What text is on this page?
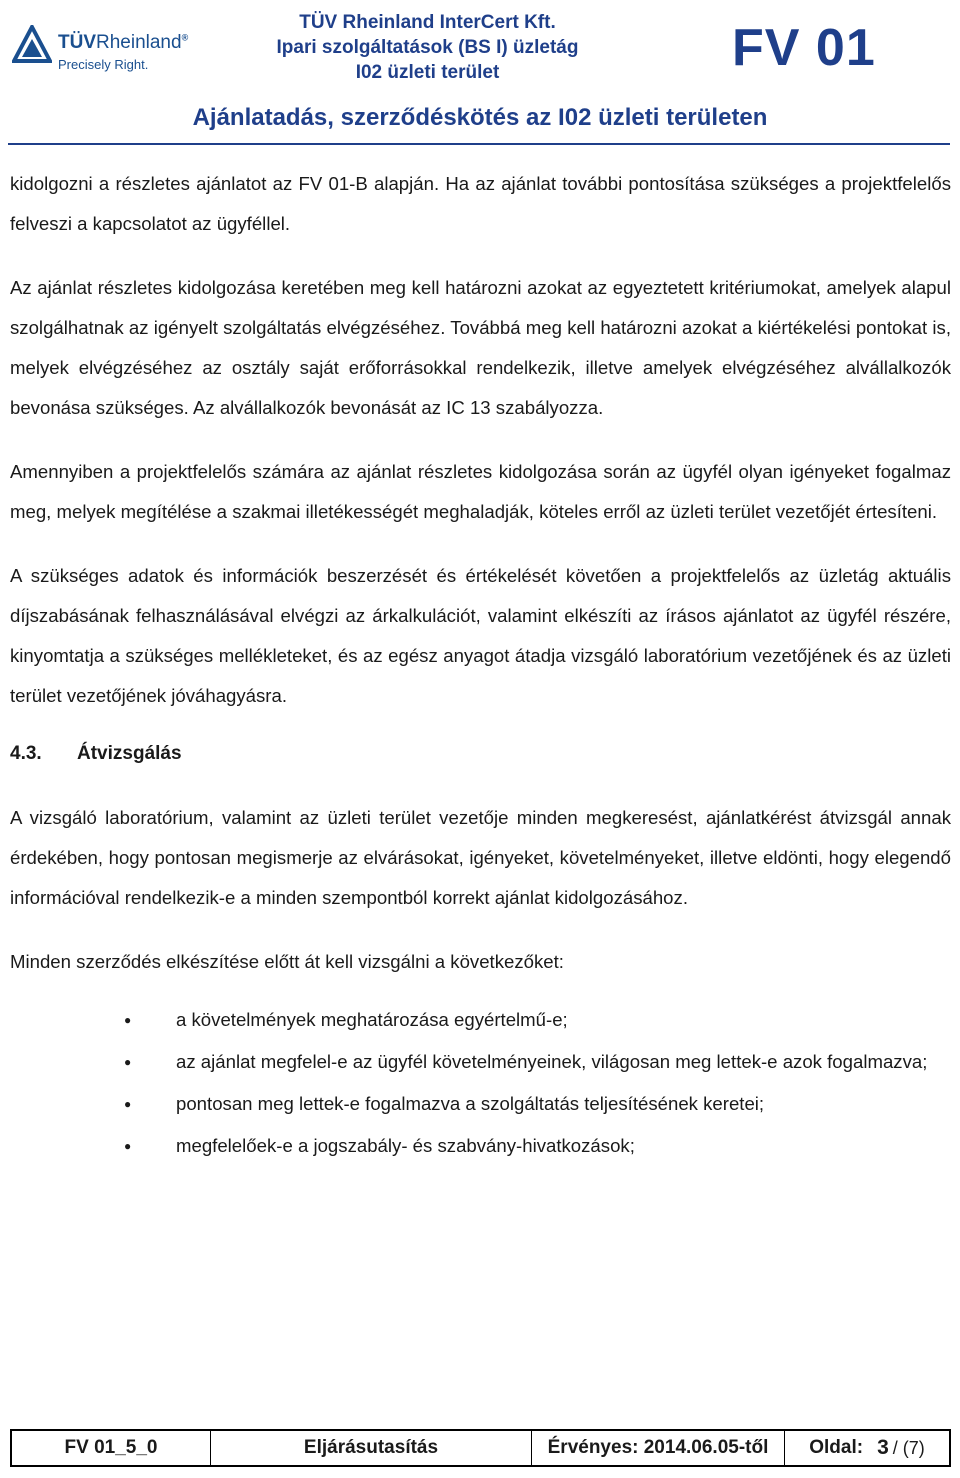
TÜVRheinland®
Precisely Right.
TÜV Rheinland InterCert Kft.
Ipari szolgáltatások (BS I) üzletág
I02 üzleti terület	FV 01
Ajánlatadás, szerződéskötés az I02 üzleti területen

kidolgozni a részletes ajánlatot az FV 01-B alapján. Ha az ajánlat további pontosítása szükséges a projektfelelős felveszi a kapcsolatot az ügyféllel.

Az ajánlat részletes kidolgozása keretében meg kell határozni azokat az egyeztetett kritériumokat, amelyek alapul szolgálhatnak az igényelt szolgáltatás elvégzéséhez. Továbbá meg kell határozni azokat a kiértékelési pontokat is, melyek elvégzéséhez az osztály saját erőforrásokkal rendelkezik, illetve amelyek elvégzéséhez alvállalkozók bevonása szükséges. Az alvállalkozók bevonását az IC 13 szabályozza.

Amennyiben a projektfelelős számára az ajánlat részletes kidolgozása során az ügyfél olyan igényeket fogalmaz meg, melyek megítélése a szakmai illetékességét meghaladják, köteles erről az üzleti terület vezetőjét értesíteni.

A szükséges adatok és információk beszerzését és értékelését követően a projektfelelős az üzletág aktuális díjszabásának felhasználásával elvégzi az árkalkulációt, valamint elkészíti az írásos ajánlatot az ügyfél részére, kinyomtatja a szükséges mellékleteket, és az egész anyagot átadja vizsgáló laboratórium vezetőjének és az üzleti terület vezetőjének jóváhagyásra.

4.3. Átvizsgálás

A vizsgáló laboratórium, valamint az üzleti terület vezetője minden megkeresést, ajánlatkérést átvizsgál annak érdekében, hogy pontosan megismerje az elvárásokat, igényeket, követelményeket, illetve eldönti, hogy elegendő információval rendelkezik-e a minden szempontból korrekt ajánlat kidolgozásához.

Minden szerződés elkészítése előtt át kell vizsgálni a következőket:

● a követelmények meghatározása egyértelmű-e;
● az ajánlat megfelel-e az ügyfél követelményeinek, világosan meg lettek-e azok fogalmazva;
● pontosan meg lettek-e fogalmazva a szolgáltatás teljesítésének keretei;
● megfelelőek-e a jogszabály- és szabvány-hivatkozások;
FV 01_5_0	Eljárásutasítás	Érvényes: 2014.06.05-től	Oldal: 3 / (7)
